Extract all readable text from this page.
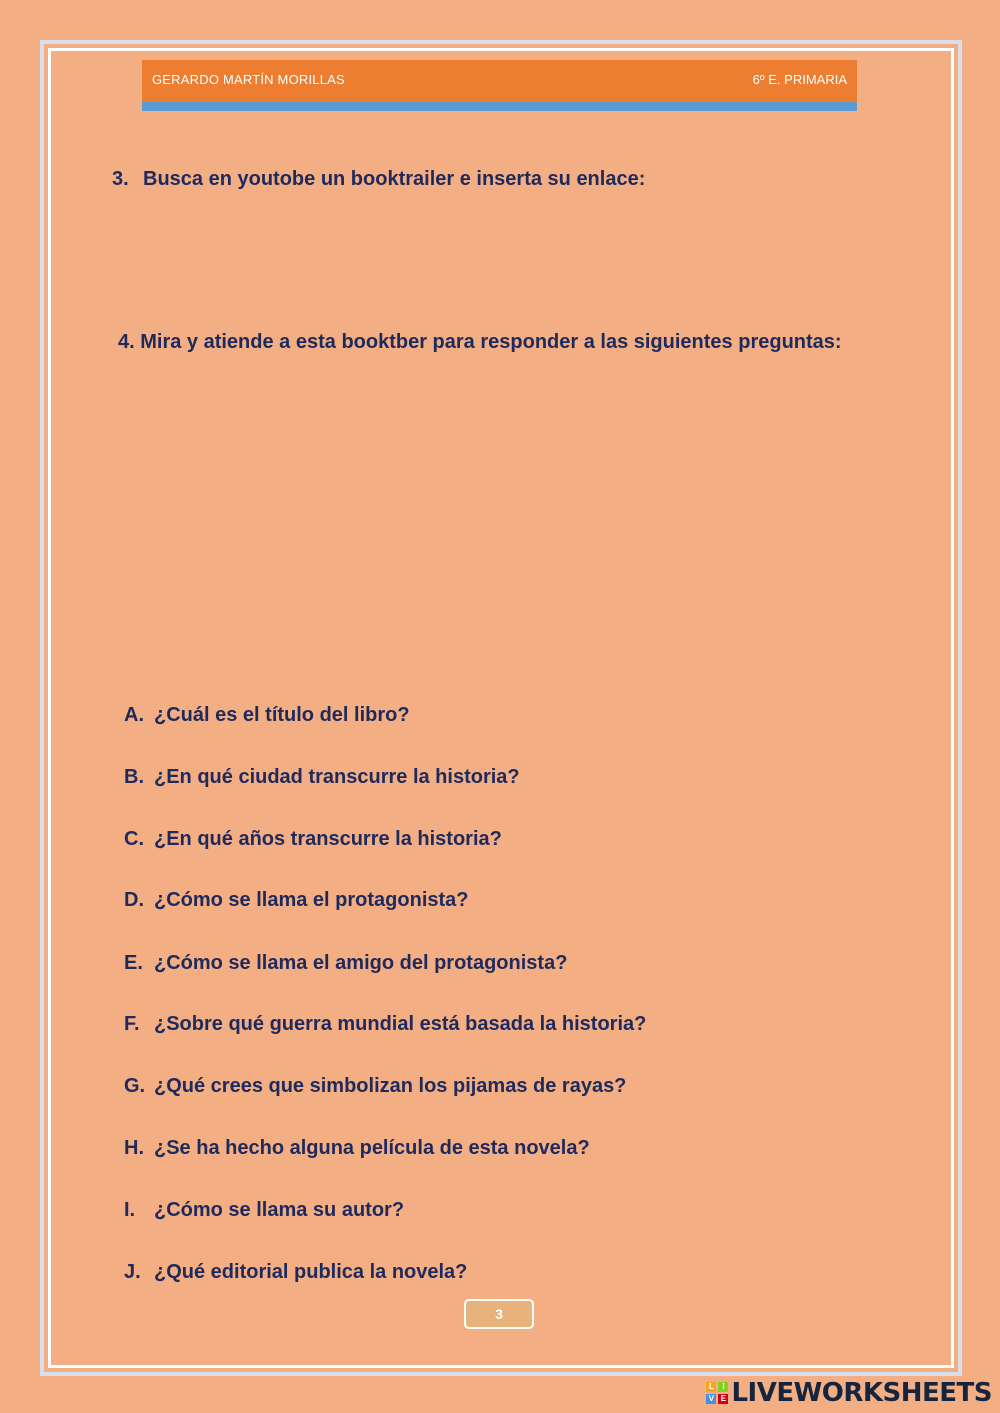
GERARDO MARTÍN MORILLAS	6º E. PRIMARIA
3. Busca en youtobe un booktrailer e inserta su enlace:
4. Mira y atiende a esta booktber para responder a las siguientes preguntas:
A. ¿Cuál es el título del libro?
B. ¿En qué ciudad transcurre la historia?
C. ¿En qué años transcurre la historia?
D. ¿Cómo se llama el protagonista?
E. ¿Cómo se llama el amigo del protagonista?
F. ¿Sobre qué guerra mundial está basada la historia?
G. ¿Qué crees que simbolizan los pijamas de rayas?
H. ¿Se ha hecho alguna película de esta novela?
I. ¿Cómo se llama su autor?
J. ¿Qué editorial publica la novela?
3
L	I
V E LIVEWORKSHEETS
